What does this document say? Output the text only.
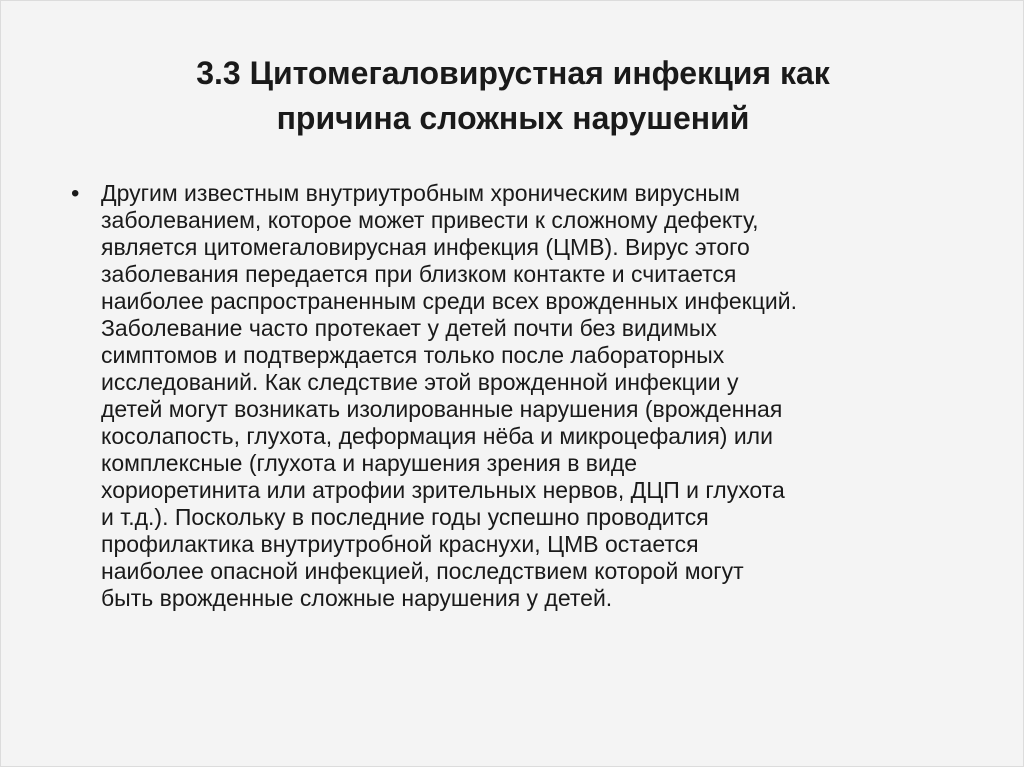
3.3 Цитомегаловирустная инфекция как
причина сложных нарушений
• Другим известным внутриутробным хроническим вирусным
заболеванием, которое может привести к сложному дефекту,
является цитомегаловирусная инфекция (ЦМВ). Вирус этого
заболевания передается при близком контакте и считается
наиболее распространенным среди всех врожденных инфекций.
Заболевание часто протекает у детей почти без видимых
симптомов и подтверждается только после лабораторных
исследований. Как следствие этой врожденной инфекции у
детей могут возникать изолированные нарушения (врожденная
косолапость, глухота, деформация нёба и микроцефалия) или
комплексные (глухота и нарушения зрения в виде
хориоретинита или атрофии зрительных нервов, ДЦП и глухота
и т.д.). Поскольку в последние годы успешно проводится
профилактика внутриутробной краснухи, ЦМВ остается
наиболее опасной инфекцией, последствием которой могут
быть врожденные сложные нарушения у детей.
